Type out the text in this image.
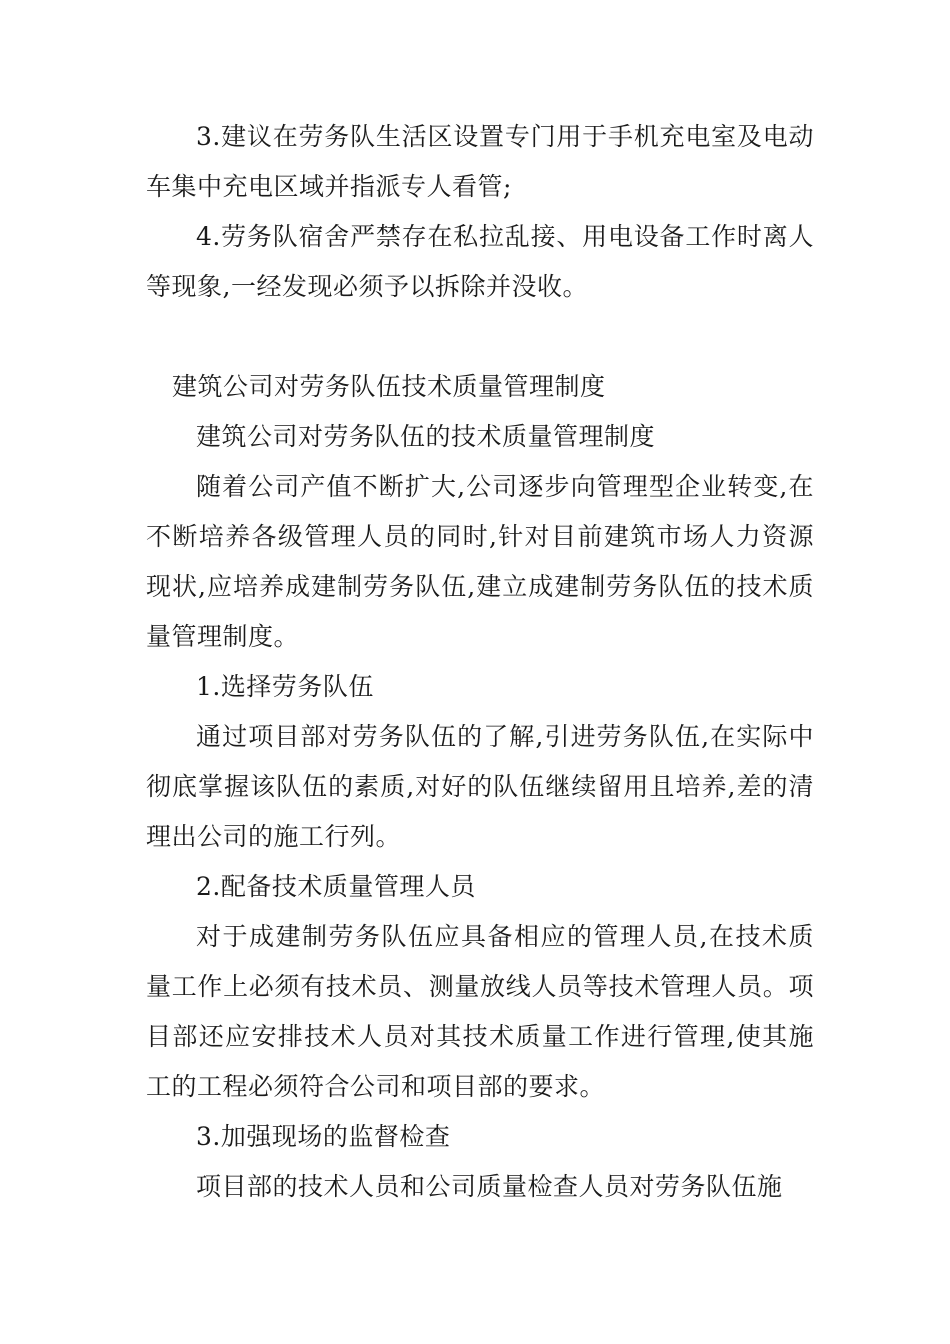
3.建议在劳务队生活区设置专门用于手机充电室及电动车集中充电区域并指派专人看管;

4.劳务队宿舍严禁存在私拉乱接、用电设备工作时离人等现象,一经发现必须予以拆除并没收。

建筑公司对劳务队伍技术质量管理制度

建筑公司对劳务队伍的技术质量管理制度

随着公司产值不断扩大,公司逐步向管理型企业转变,在不断培养各级管理人员的同时,针对目前建筑市场人力资源现状,应培养成建制劳务队伍,建立成建制劳务队伍的技术质量管理制度。

1.选择劳务队伍

通过项目部对劳务队伍的了解,引进劳务队伍,在实际中彻底掌握该队伍的素质,对好的队伍继续留用且培养,差的清理出公司的施工行列。

2.配备技术质量管理人员

对于成建制劳务队伍应具备相应的管理人员,在技术质量工作上必须有技术员、测量放线人员等技术管理人员。项目部还应安排技术人员对其技术质量工作进行管理,使其施工的工程必须符合公司和项目部的要求。

3.加强现场的监督检查

项目部的技术人员和公司质量检查人员对劳务队伍施
